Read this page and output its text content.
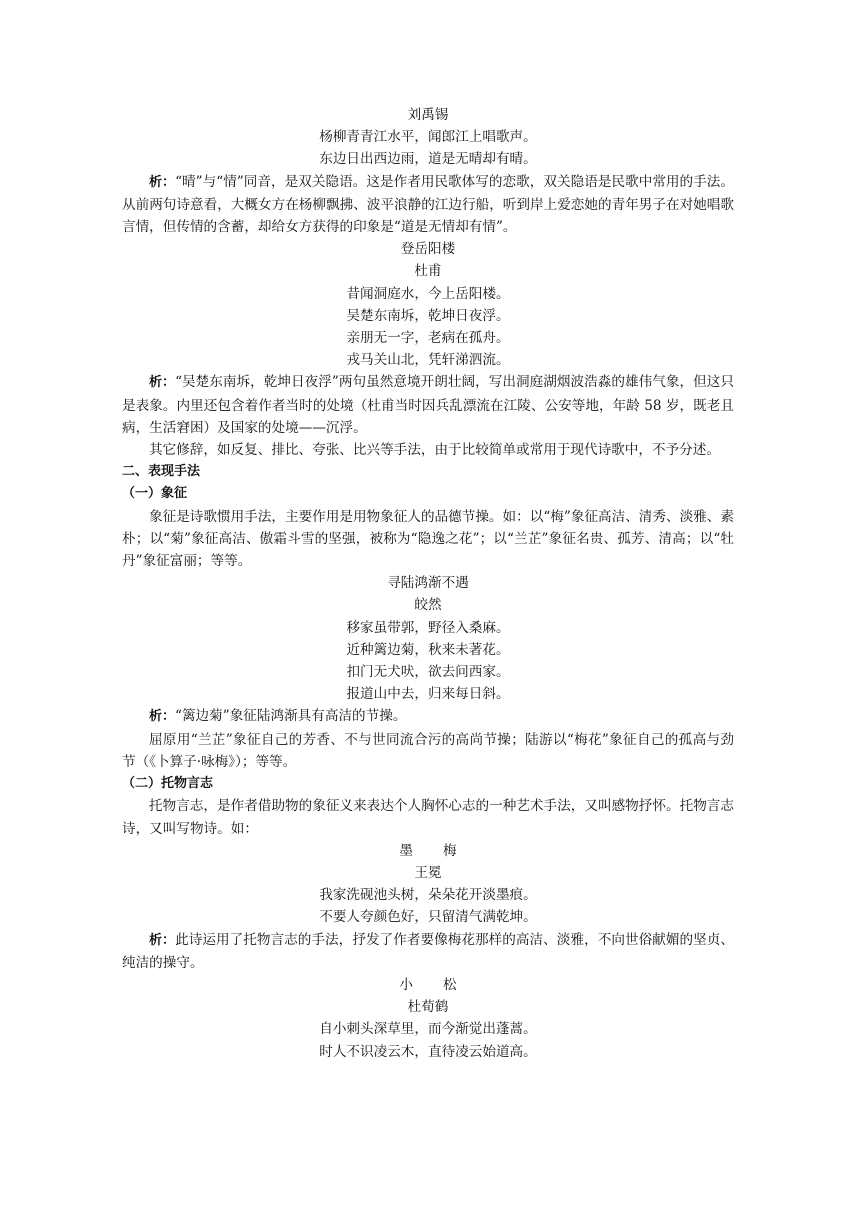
刘禹锡
杨柳青青江水平，闻郎江上唱歌声。
东边日出西边雨，道是无晴却有晴。
析：“晴”与“情”同音，是双关隐语。这是作者用民歌体写的恋歌，双关隐语是民歌中常用的手法。从前两句诗意看，大概女方在杨柳飘拂、波平浪静的江边行船，听到岸上爱恋她的青年男子在对她唱歌言情，但传情的含蓄，却给女方获得的印象是“道是无情却有情”。
登岳阳楼
杜甫
昔闻洞庭水，今上岳阳楼。
吴楚东南坼，乾坤日夜浮。
亲朋无一字，老病在孤舟。
戎马关山北，凭轩涕泗流。
析：“吴楚东南坼，乾坤日夜浮”两句虽然意境开朗壮阔，写出洞庭湖烟波浩淼的雄伟气象，但这只是表象。内里还包含着作者当时的处境（杜甫当时因兵乱漂流在江陵、公安等地，年龄 58 岁，既老且病，生活窘困）及国家的处境——沉浮。
其它修辞，如反复、排比、夸张、比兴等手法，由于比较简单或常用于现代诗歌中，不予分述。
二、表现手法
（一）象征
象征是诗歌惯用手法，主要作用是用物象征人的品德节操。如：以“梅”象征高洁、清秀、淡雅、素朴；以“菊”象征高洁、傲霜斗雪的坚强，被称为“隐逸之花”；以“兰芷”象征名贵、孤芳、清高；以“牡丹”象征富丽；等等。
寻陆鸿渐不遇
皎然
移家虽带郭，野径入桑麻。
近种篱边菊，秋来未著花。
扣门无犬吠，欲去问西家。
报道山中去，归来每日斜。
析：“篱边菊”象征陆鸿渐具有高洁的节操。
屈原用“兰芷”象征自己的芳香、不与世同流合污的高尚节操；陆游以“梅花”象征自己的孤高与劲节（《卜算子·咏梅》）；等等。
（二）托物言志
托物言志，是作者借助物的象征义来表达个人胸怀心志的一种艺术手法，又叫感物抒怀。托物言志诗，又叫写物诗。如：
墨 梅
王冕
我家洗砚池头树，朵朵花开淡墨痕。
不要人夸颜色好，只留清气满乾坤。
析：此诗运用了托物言志的手法，抒发了作者要像梅花那样的高洁、淡雅，不向世俗献媚的坚贞、纯洁的操守。
小 松
杜荀鹤
自小刺头深草里，而今渐觉出蓬蒿。
时人不识凌云木，直待凌云始道高。
